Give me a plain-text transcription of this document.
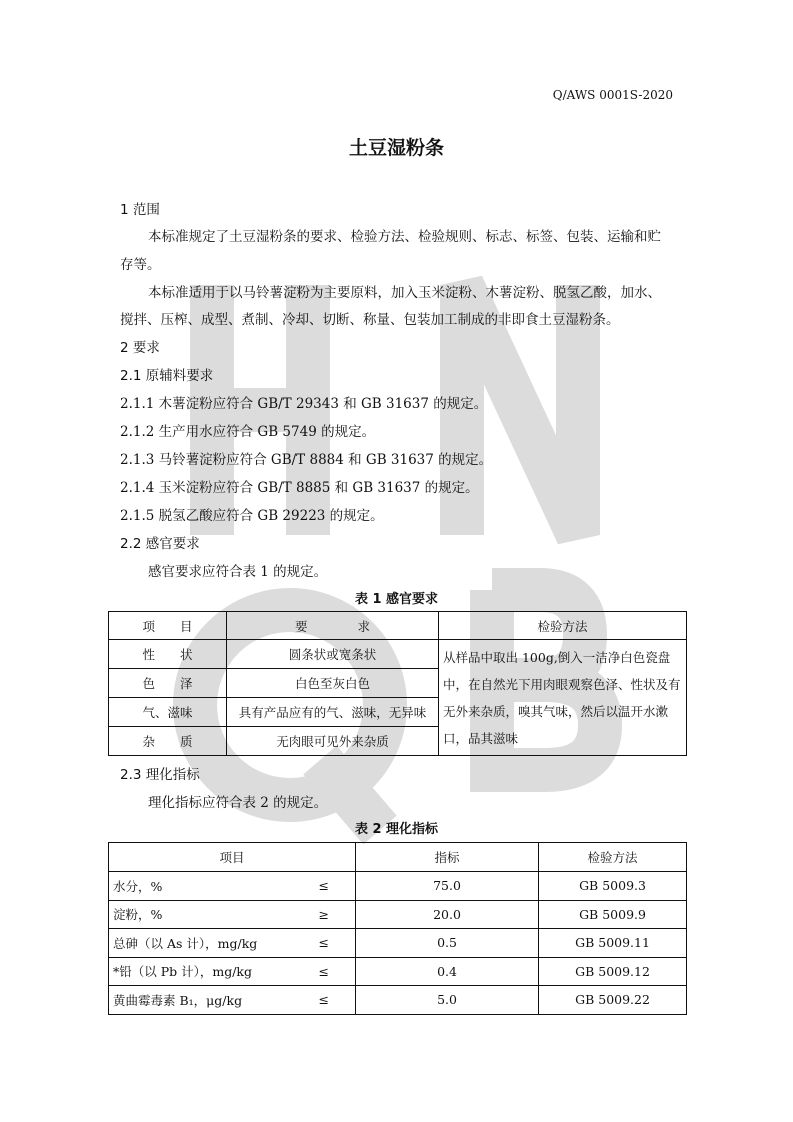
Q/AWS 0001S-2020
土豆湿粉条
1 范围
本标准规定了土豆湿粉条的要求、检验方法、检验规则、标志、标签、包装、运输和贮
存等。
本标准适用于以马铃薯淀粉为主要原料，加入玉米淀粉、木薯淀粉、脱氢乙酸，加水、
搅拌、压榨、成型、煮制、冷却、切断、称量、包装加工制成的非即食土豆湿粉条。
2 要求
2.1 原辅料要求
2.1.1 木薯淀粉应符合 GB/T 29343 和 GB 31637 的规定。
2.1.2 生产用水应符合 GB 5749 的规定。
2.1.3 马铃薯淀粉应符合 GB/T 8884 和 GB 31637 的规定。
2.1.4 玉米淀粉应符合 GB/T 8885 和 GB 31637 的规定。
2.1.5 脱氢乙酸应符合 GB 29223 的规定。
2.2 感官要求
感官要求应符合表 1 的规定。
表 1 感官要求
项　　目	要　　　　求	检验方法
性　　状	圆条状或宽条状	从样品中取出 100g,倒入一洁净白色瓷盘中，在自然光下用肉眼观察色泽、性状及有无外来杂质，嗅其气味，然后以温开水漱口，品其滋味
色　　泽	白色至灰白色	
气、滋味	具有产品应有的气、滋味，无异味	
杂　　质	无肉眼可见外来杂质	
2.3 理化指标
理化指标应符合表 2 的规定。
表 2 理化指标
项目		指标	检验方法
水分，%	≤	75.0	GB 5009.3
淀粉，%	≥	20.0	GB 5009.9
总砷（以 As 计），mg/kg	≤	0.5	GB 5009.11
*铅（以 Pb 计），mg/kg	≤	0.4	GB 5009.12
黄曲霉毒素 B₁，μg/kg	≤	5.0	GB 5009.22
